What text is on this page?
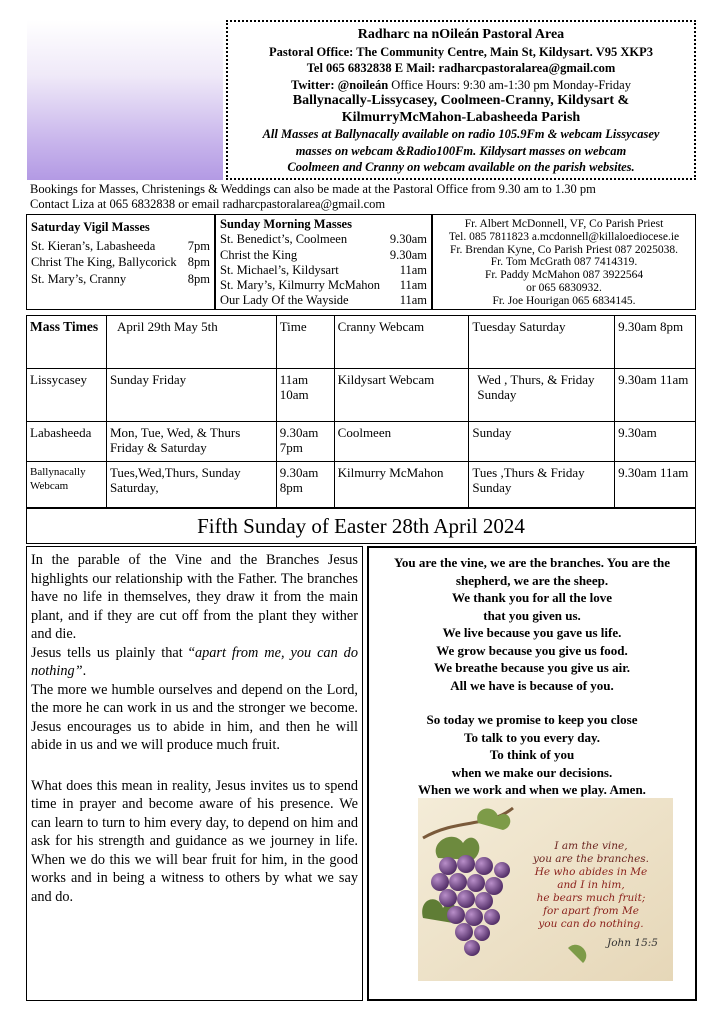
Radharc na nOileán Pastoral Area
Pastoral Office: The Community Centre, Main St, Kildysart. V95 XKP3
Tel 065 6832838 E Mail: radharcpastoralarea@gmail.com
Twitter: @noileán Office Hours: 9:30 am-1:30 pm Monday-Friday
Ballynacally-Lissycasey, Coolmeen-Cranny, Kildysart &
KilmurryMcMahon-Labasheeda Parish
All Masses at Ballynacally available on radio 105.9Fm & webcam Lissycasey
masses on webcam &Radio100Fm. Kildysart masses on webcam
Coolmeen and Cranny on webcam available on the parish websites.
Bookings for Masses, Christenings & Weddings can also be made at the Pastoral Office from 9.30 am to 1.30 pm
Contact Liza at 065 6832838 or email radharcpastoralarea@gmail.com
Saturday Vigil Masses
St. Kieran’s, Labasheeda	7pm
Christ The King, Ballycorick 8pm
St. Mary’s, Cranny	8pm
Sunday Morning Masses
St. Benedict’s, Coolmeen	9.30am
Christ the King	9.30am
St. Michael’s, Kildysart	11am
St. Mary’s, Kilmurry McMahon 11am
Our Lady Of the Wayside	11am
Fr. Albert McDonnell, VF, Co Parish Priest
Tel. 085 7811823 a.mcdonnell@killaloediocese.ie
Fr. Brendan Kyne, Co Parish Priest 087 2025038.
Fr. Tom McGrath 087 7414319.
Fr. Paddy McMahon 087 3922564
or 065 6830932.
Fr. Joe Hourigan 065 6834145.
Mass Times	April 29th May 5th	Time	Cranny Webcam	Tuesday Saturday	9.30am 8pm
Lissycasey	Sunday Friday	11am 10am	Kildysart Webcam	Wed , Thurs, & Friday Sunday	9.30am 11am
Labasheeda	Mon, Tue, Wed, & Thurs Friday & Saturday	9.30am 7pm	Coolmeen	Sunday	9.30am
Ballynacally Webcam	Tues,Wed,Thurs, Sunday Saturday,	9.30am 8pm	Kilmurry McMahon	Tues ,Thurs & Friday Sunday	9.30am 11am
Fifth Sunday of Easter 28th April 2024
In the parable of the Vine and the Branches Jesus highlights our relationship with the Father. The branches have no life in themselves, they draw it from the main plant, and if they are cut off from the plant they wither and die.
Jesus tells us plainly that “apart from me, you can do nothing”.
The more we humble ourselves and depend on the Lord, the more he can work in us and the stronger we become. Jesus encourages us to abide in him, and then he will abide in us and we will produce much fruit.
What does this mean in reality, Jesus invites us to spend time in prayer and become aware of his presence. We can learn to turn to him every day, to depend on him and ask for his strength and guidance as we journey in life. When we do this we will bear fruit for him, in the good works and in being a witness to others by what we say and do.
You are the vine, we are the branches. You are the
shepherd, we are the sheep.
We thank you for all the love
that you given us.
We live because you gave us life.
We grow because you give us food.
We breathe because you give us air.
All we have is because of you.
So today we promise to keep you close
To talk to you every day.
To think of you
when we make our decisions.
When we work and when we play. Amen.
I am the vine,
you are the branches.
He who abides in Me
and I in him,
he bears much fruit;
for apart from Me
you can do nothing.
John 15:5
